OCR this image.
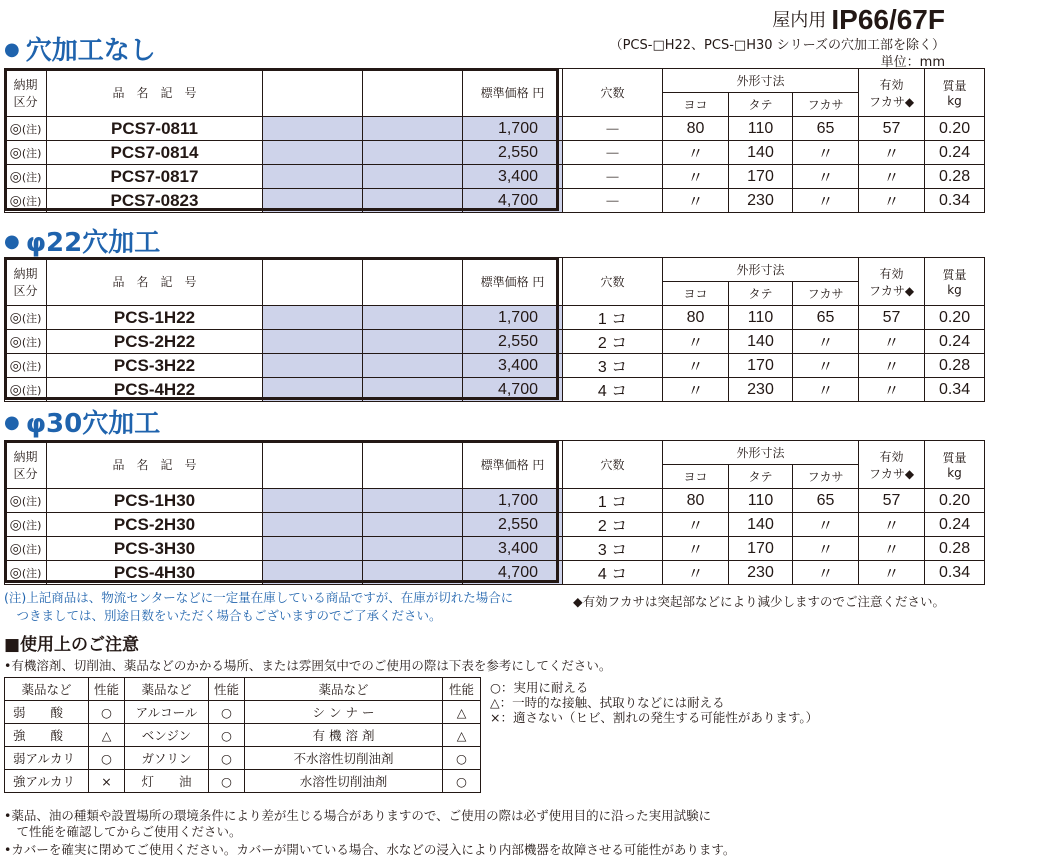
屋内用 IP66/67F
（PCS-□H22、PCS-□H30 シリーズの穴加工部を除く）
単位：mm
● 穴加工なし
納期
区分	品　名　記　号			標準価格 円	穴数	外形寸法			有効
フカサ◆	質量
kg
						ヨコ	タテ	フカサ		
◎(注)	PCS7-0811			1,700	－	80	110	65	57	0.20
◎(注)	PCS7-0814			2,550	－	〃	140	〃	〃	0.24
◎(注)	PCS7-0817			3,400	－	〃	170	〃	〃	0.28
◎(注)	PCS7-0823			4,700	－	〃	230	〃	〃	0.34
● φ22穴加工
納期
区分	品　名　記　号			標準価格 円	穴数	外形寸法			有効
フカサ◆	質量
kg
						ヨコ	タテ	フカサ		
◎(注)	PCS-1H22			1,700	1 コ	80	110	65	57	0.20
◎(注)	PCS-2H22			2,550	2 コ	〃	140	〃	〃	0.24
◎(注)	PCS-3H22			3,400	3 コ	〃	170	〃	〃	0.28
◎(注)	PCS-4H22			4,700	4 コ	〃	230	〃	〃	0.34
● φ30穴加工
納期
区分	品　名　記　号			標準価格 円	穴数	外形寸法			有効
フカサ◆	質量
kg
						ヨコ	タテ	フカサ		
◎(注)	PCS-1H30			1,700	1 コ	80	110	65	57	0.20
◎(注)	PCS-2H30			2,550	2 コ	〃	140	〃	〃	0.24
◎(注)	PCS-3H30			3,400	3 コ	〃	170	〃	〃	0.28
◎(注)	PCS-4H30			4,700	4 コ	〃	230	〃	〃	0.34
(注)上記商品は、物流センターなどに一定量在庫している商品ですが、在庫が切れた場合に
　つきましては、別途日数をいただく場合もございますのでご了承ください。
◆有効フカサは突起部などにより減少しますのでご注意ください。
■使用上のご注意
•有機溶剤、切削油、薬品などのかかる場所、または雰囲気中でのご使用の際は下表を参考にしてください。
薬品など	性能	薬品など	性能	薬品など	性能
弱　　酸	○	アルコール	○	シ ン ナ ー	△
強　　酸	△	ベンジン	○	有 機 溶 剤	△
弱アルカリ	○	ガソリン	○	不水溶性切削油剤	○
強アルカリ	×	灯　　油	○	水溶性切削油剤	○
○：実用に耐える
△：一時的な接触、拭取りなどには耐える
×：適さない（ヒビ、割れの発生する可能性があります。）
•薬品、油の種類や設置場所の環境条件により差が生じる場合がありますので、ご使用の際は必ず使用目的に沿った実用試験に
　て性能を確認してからご使用ください。
•カバーを確実に閉めてご使用ください。カバーが開いている場合、水などの浸入により内部機器を故障させる可能性があります。
